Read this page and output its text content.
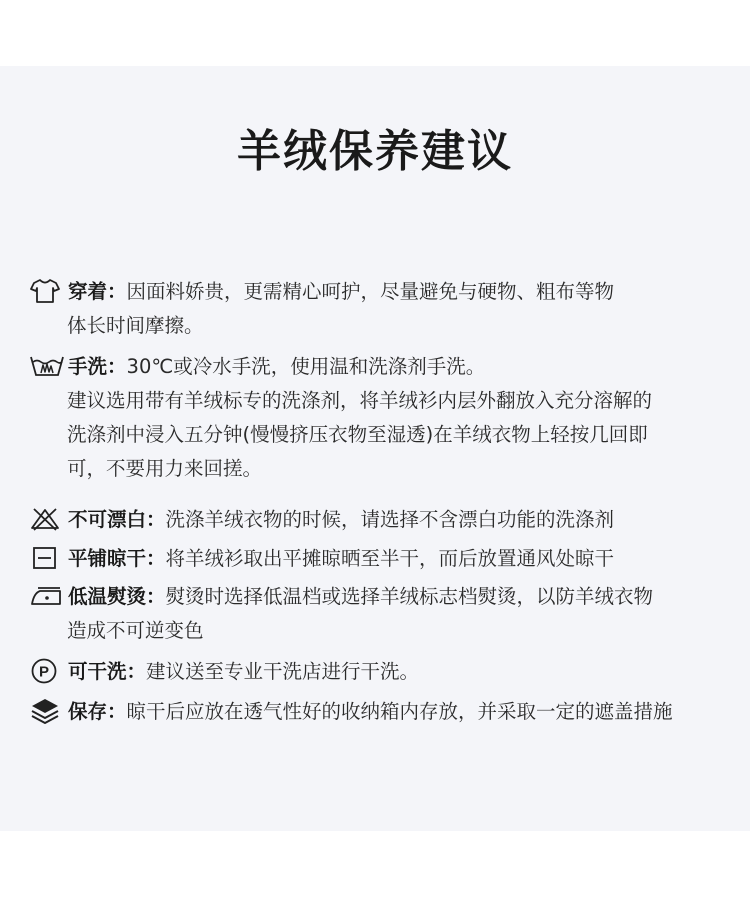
羊绒保养建议
穿着：因面料娇贵，更需精心呵护，尽量避免与硬物、粗布等物
体长时间摩擦。
手洗：30℃或冷水手洗，使用温和洗涤剂手洗。
建议选用带有羊绒标专的洗涤剂，将羊绒衫内层外翻放入充分溶解的
洗涤剂中浸入五分钟(慢慢挤压衣物至湿透)在羊绒衣物上轻按几回即
可，不要用力来回搓。
不可漂白：洗涤羊绒衣物的时候，请选择不含漂白功能的洗涤剂
平铺晾干：将羊绒衫取出平摊晾晒至半干，而后放置通风处晾干
低温熨烫：熨烫时选择低温档或选择羊绒标志档熨烫，以防羊绒衣物
造成不可逆变色
P 可干洗：建议送至专业干洗店进行干洗。
保存：晾干后应放在透气性好的收纳箱内存放，并采取一定的遮盖措施
